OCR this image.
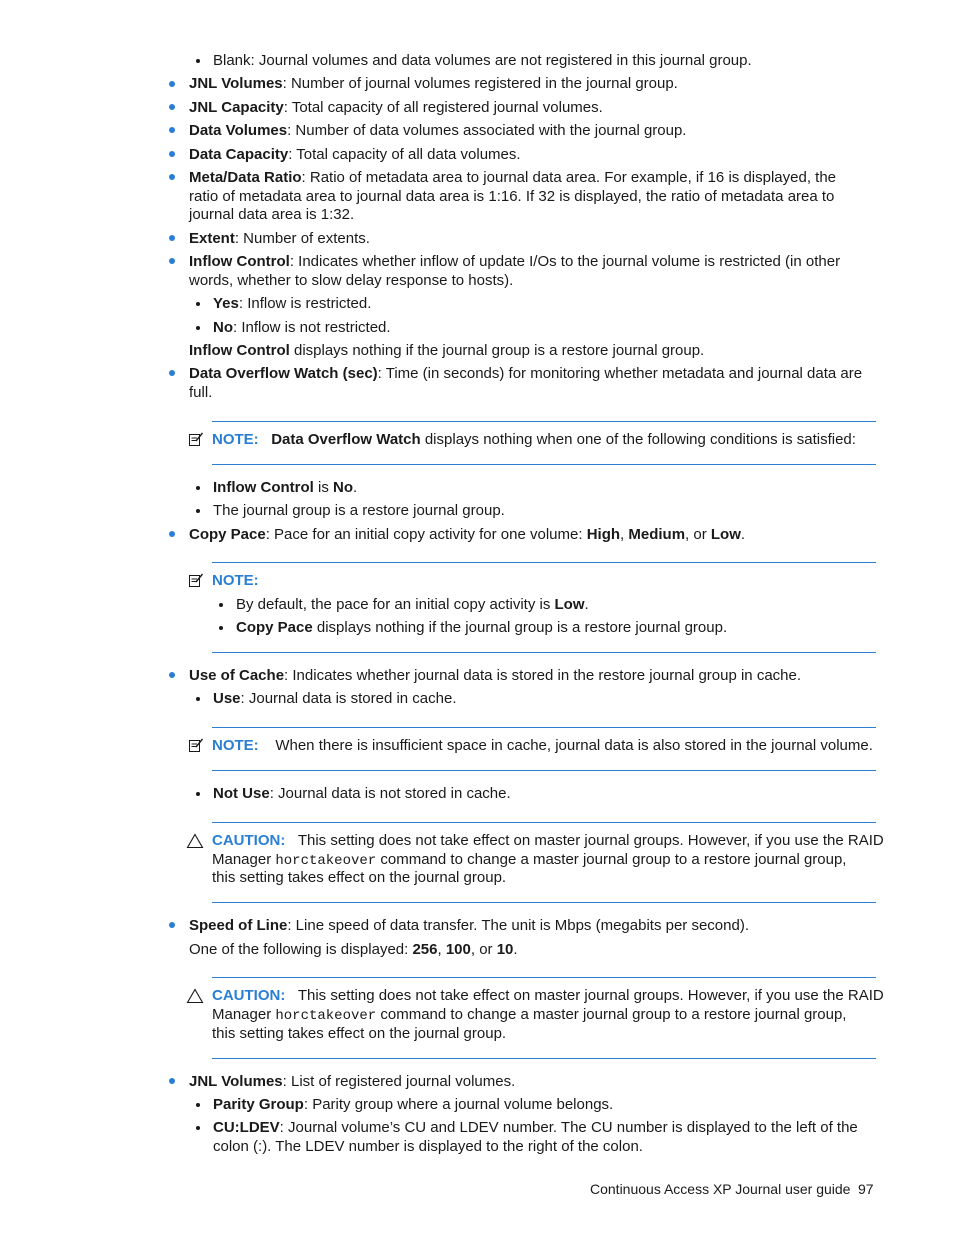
Blank: Journal volumes and data volumes are not registered in this journal group.
JNL Volumes: Number of journal volumes registered in the journal group.
JNL Capacity: Total capacity of all registered journal volumes.
Data Volumes: Number of data volumes associated with the journal group.
Data Capacity: Total capacity of all data volumes.
Meta/Data Ratio: Ratio of metadata area to journal data area. For example, if 16 is displayed, the
ratio of metadata area to journal data area is 1:16. If 32 is displayed, the ratio of metadata area to
journal data area is 1:32.
Extent: Number of extents.
Inflow Control: Indicates whether inflow of update I/Os to the journal volume is restricted (in other
words, whether to slow delay response to hosts).
Yes: Inflow is restricted.
No: Inflow is not restricted.
Inflow Control displays nothing if the journal group is a restore journal group.
Data Overflow Watch (sec): Time (in seconds) for monitoring whether metadata and journal data are
full.
NOTE: Data Overflow Watch displays nothing when one of the following conditions is satisfied:
Inflow Control is No.
The journal group is a restore journal group.
Copy Pace: Pace for an initial copy activity for one volume: High, Medium, or Low.
NOTE:
By default, the pace for an initial copy activity is Low.
Copy Pace displays nothing if the journal group is a restore journal group.
Use of Cache: Indicates whether journal data is stored in the restore journal group in cache.
Use: Journal data is stored in cache.
NOTE: When there is insufficient space in cache, journal data is also stored in the journal volume.
Not Use: Journal data is not stored in cache.
CAUTION: This setting does not take effect on master journal groups. However, if you use the RAID
Manager horctakeover command to change a master journal group to a restore journal group,
this setting takes effect on the journal group.
Speed of Line: Line speed of data transfer. The unit is Mbps (megabits per second).
One of the following is displayed: 256, 100, or 10.
CAUTION: This setting does not take effect on master journal groups. However, if you use the RAID
Manager horctakeover command to change a master journal group to a restore journal group,
this setting takes effect on the journal group.
JNL Volumes: List of registered journal volumes.
Parity Group: Parity group where a journal volume belongs.
CU:LDEV: Journal volume’s CU and LDEV number. The CU number is displayed to the left of the
colon (:). The LDEV number is displayed to the right of the colon.
Continuous Access XP Journal user guide 97
